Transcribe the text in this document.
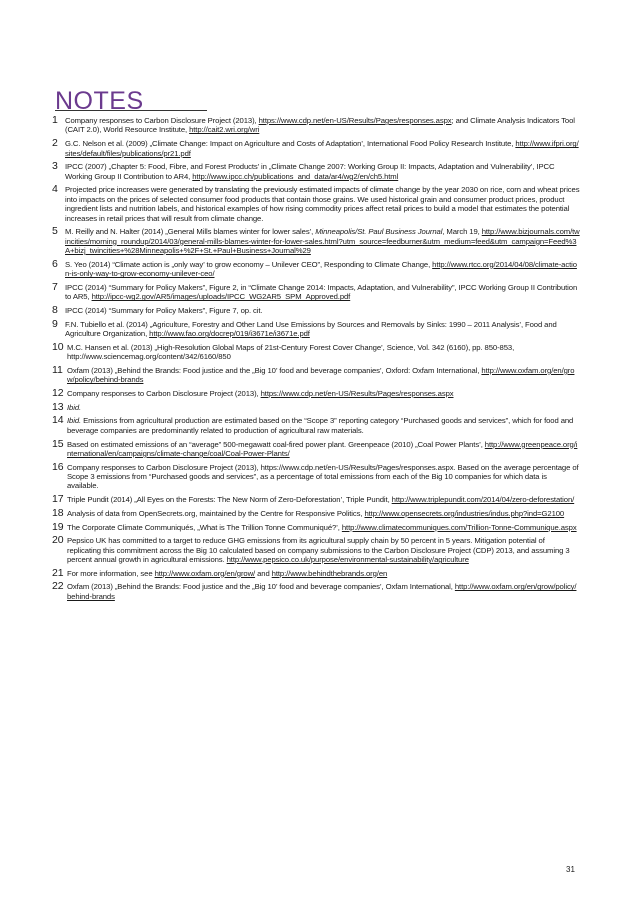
NOTES
1 Company responses to Carbon Disclosure Project (2013), https://www.cdp.net/en-US/Results/Pages/responses.aspx; and Climate Analysis Indicators Tool (CAIT 2.0), World Resource Institute, http://cait2.wri.org/wri
2 G.C. Nelson et al. (2009) „Climate Change: Impact on Agriculture and Costs of Adaptation’, International Food Policy Research Institute, http://www.ifpri.org/sites/default/files/publications/pr21.pdf
3 IPCC (2007) „Chapter 5: Food, Fibre, and Forest Products’ in „Climate Change 2007: Working Group II: Impacts, Adaptation and Vulnerability’, IPCC Working Group II Contribution to AR4, http://www.ipcc.ch/publications_and_data/ar4/wg2/en/ch5.html
4 Projected price increases were generated by translating the previously estimated impacts of climate change by the year 2030 on rice, corn and wheat prices into impacts on the prices of selected consumer food products that contain those grains. We used historical grain and consumer product prices, product ingredient lists and nutrition labels, and historical examples of how rising commodity prices affect retail prices to build a model that estimates the potential increases in retail prices that will result from climate change.
5 M. Reilly and N. Halter (2014) „General Mills blames winter for lower sales’, Minneapolis/St. Paul Business Journal, March 19, http://www.bizjournals.com/twincities/morning_roundup/2014/03/general-mills-blames-winter-for-lower-sales.html?utm_source=feedburner&utm_medium=feed&utm_campaign=Feed%3A+bizj_twincities+%28Minneapolis+%2F+St.+Paul+Business+Journal%29
6 S. Yeo (2014) “Climate action is „only way’ to grow economy – Unilever CEO”, Responding to Climate Change, http://www.rtcc.org/2014/04/08/climate-action-is-only-way-to-grow-economy-unilever-ceo/
7 IPCC (2014) “Summary for Policy Makers”, Figure 2, in “Climate Change 2014: Impacts, Adaptation, and Vulnerability”, IPCC Working Group II Contribution to AR5, http://ipcc-wg2.gov/AR5/images/uploads/IPCC_WG2AR5_SPM_Approved.pdf
8 IPCC (2014) “Summary for Policy Makers”, Figure 7, op. cit.
9 F.N. Tubiello et al. (2014) „Agriculture, Forestry and Other Land Use Emissions by Sources and Removals by Sinks: 1990 – 2011 Analysis’, Food and Agriculture Organization, http://www.fao.org/docrep/019/i3671e/i3671e.pdf
10 M.C. Hansen et al. (2013) „High-Resolution Global Maps of 21st-Century Forest Cover Change’, Science, Vol. 342 (6160), pp. 850-853, http://www.sciencemag.org/content/342/6160/850
11 Oxfam (2013) „Behind the Brands: Food justice and the „Big 10’ food and beverage companies’, Oxford: Oxfam International, http://www.oxfam.org/en/grow/policy/behind-brands
12 Company responses to Carbon Disclosure Project (2013), https://www.cdp.net/en-US/Results/Pages/responses.aspx
13 Ibid.
14 Ibid. Emissions from agricultural production are estimated based on the “Scope 3” reporting category “Purchased goods and services”, which for food and beverage companies are predominantly related to production of agricultural raw materials.
15 Based on estimated emissions of an “average” 500-megawatt coal-fired power plant. Greenpeace (2010) „Coal Power Plants’, http://www.greenpeace.org/international/en/campaigns/climate-change/coal/Coal-Power-Plants/
16 Company responses to Carbon Disclosure Project (2013), https://www.cdp.net/en-US/Results/Pages/responses.aspx. Based on the average percentage of Scope 3 emissions from “Purchased goods and services”, as a percentage of total emissions from each of the Big 10 companies for which data is available.
17 Triple Pundit (2014) „All Eyes on the Forests: The New Norm of Zero-Deforestation’, Triple Pundit, http://www.triplepundit.com/2014/04/zero-deforestation/
18 Analysis of data from OpenSecrets.org, maintained by the Centre for Responsive Politics, http://www.opensecrets.org/industries/indus.php?ind=G2100
19 The Corporate Climate Communiqués, „What is The Trillion Tonne Communiqué?’, http://www.climatecommuniques.com/Trillion-Tonne-Communique.aspx
20 Pepsico UK has committed to a target to reduce GHG emissions from its agricultural supply chain by 50 percent in 5 years. Mitigation potential of replicating this commitment across the Big 10 calculated based on company submissions to the Carbon Disclosure Project (CDP) 2013, and assuming 3 percent annual growth in agricultural emissions. http://www.pepsico.co.uk/purpose/environmental-sustainability/agriculture
21 For more information, see http://www.oxfam.org/en/grow/ and http://www.behindthebrands.org/en
22 Oxfam (2013) „Behind the Brands: Food justice and the „Big 10’ food and beverage companies’, Oxfam International, http://www.oxfam.org/en/grow/policy/behind-brands
31
